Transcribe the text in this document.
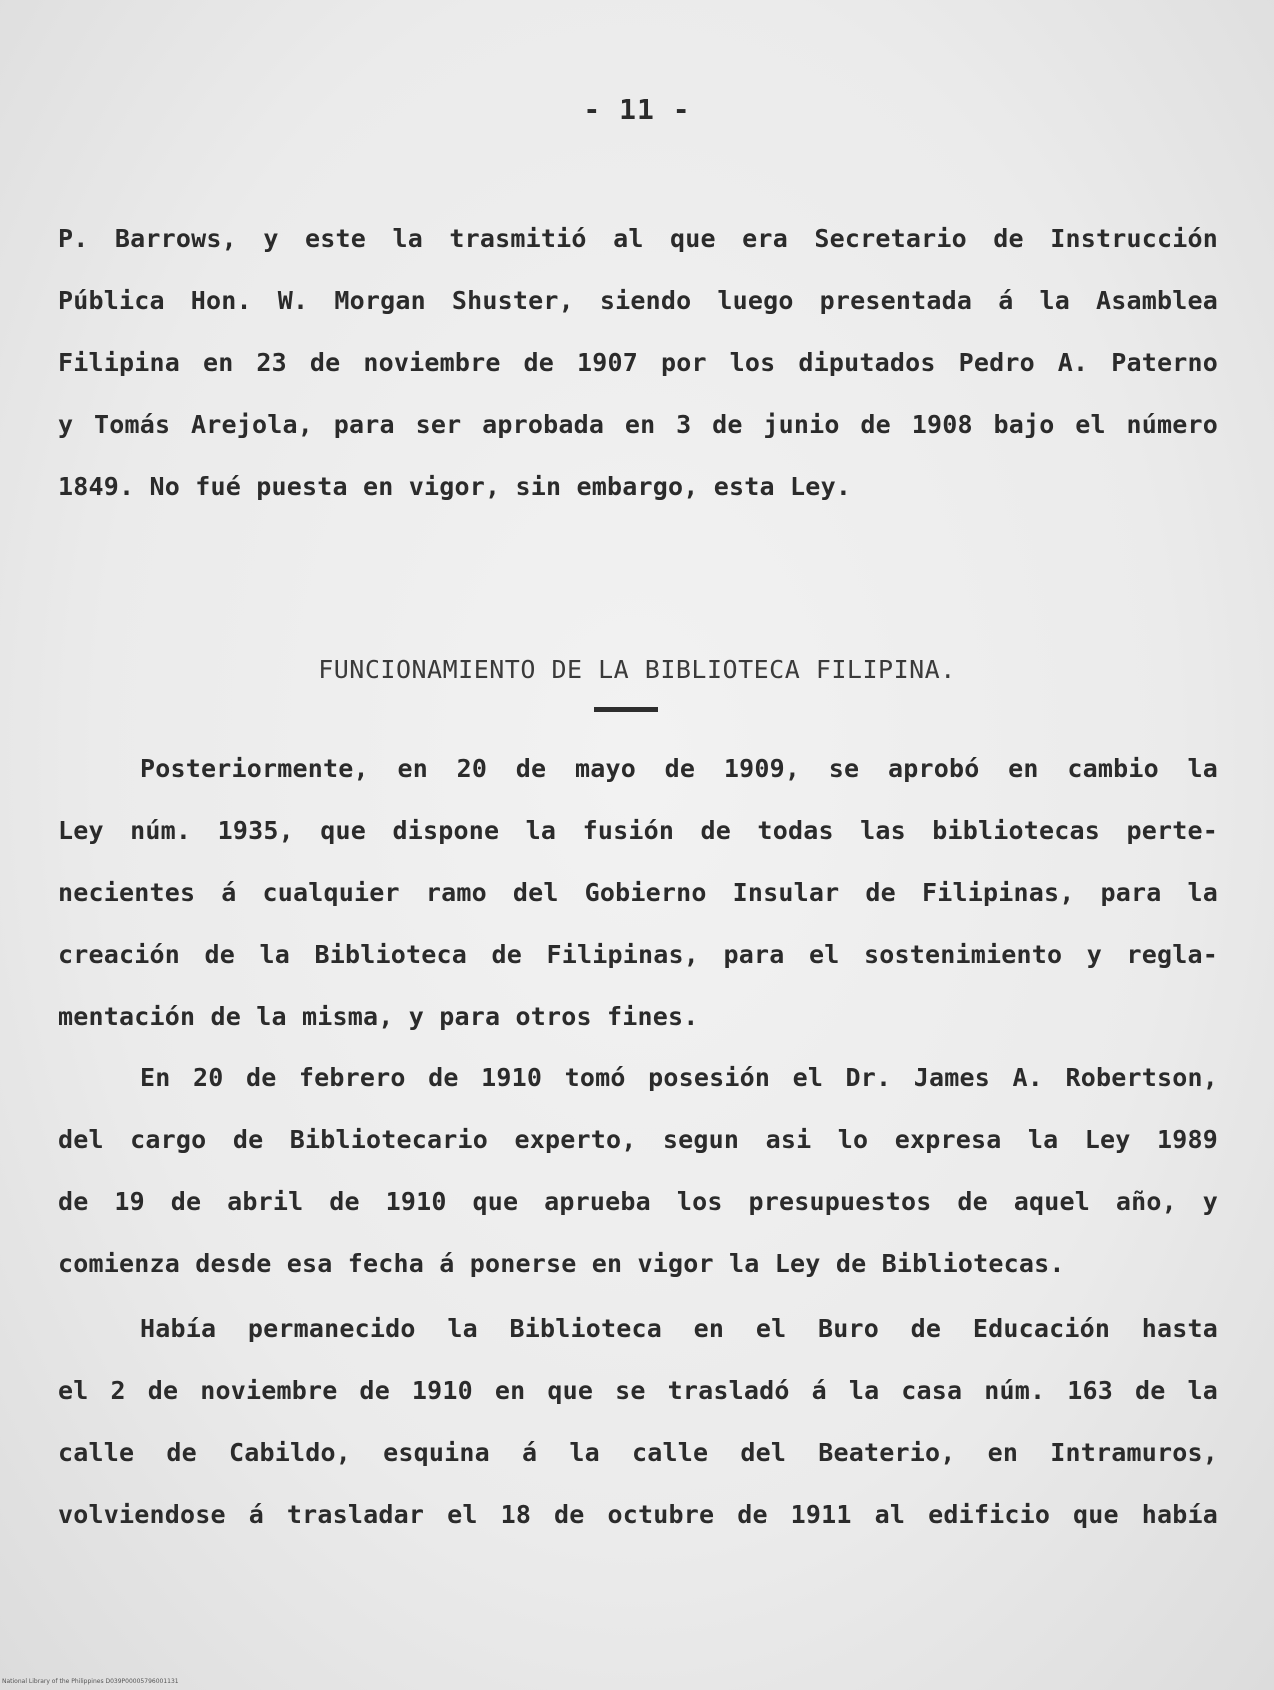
- 11 -
P. Barrows, y este la trasmitió al que era Secretario de Instrucción
Pública Hon. W. Morgan Shuster, siendo luego presentada á la Asamblea
Filipina en 23 de noviembre de 1907 por los diputados Pedro A. Paterno
y Tomás Arejola, para ser aprobada en 3 de junio de 1908 bajo el número
1849. No fué puesta en vigor, sin embargo, esta Ley.
FUNCIONAMIENTO DE LA BIBLIOTECA FILIPINA.
Posteriormente, en 20 de mayo de 1909, se aprobó en cambio la
Ley núm. 1935, que dispone la fusión de todas las bibliotecas perte-
necientes á cualquier ramo del Gobierno Insular de Filipinas, para la
creación de la Biblioteca de Filipinas, para el sostenimiento y regla-
mentación de la misma, y para otros fines.
En 20 de febrero de 1910 tomó posesión el Dr. James A. Robertson,
del cargo de Bibliotecario experto, segun asi lo expresa la Ley 1989
de 19 de abril de 1910 que aprueba los presupuestos de aquel año, y
comienza desde esa fecha á ponerse en vigor la Ley de Bibliotecas.
Había permanecido la Biblioteca en el Buro de Educación hasta
el 2 de noviembre de 1910 en que se trasladó á la casa núm. 163 de la
calle de Cabildo, esquina á la calle del Beaterio, en Intramuros,
volviendose á trasladar el 18 de octubre de 1911 al edificio que había
National Library of the Philippines D039P00005796001131
